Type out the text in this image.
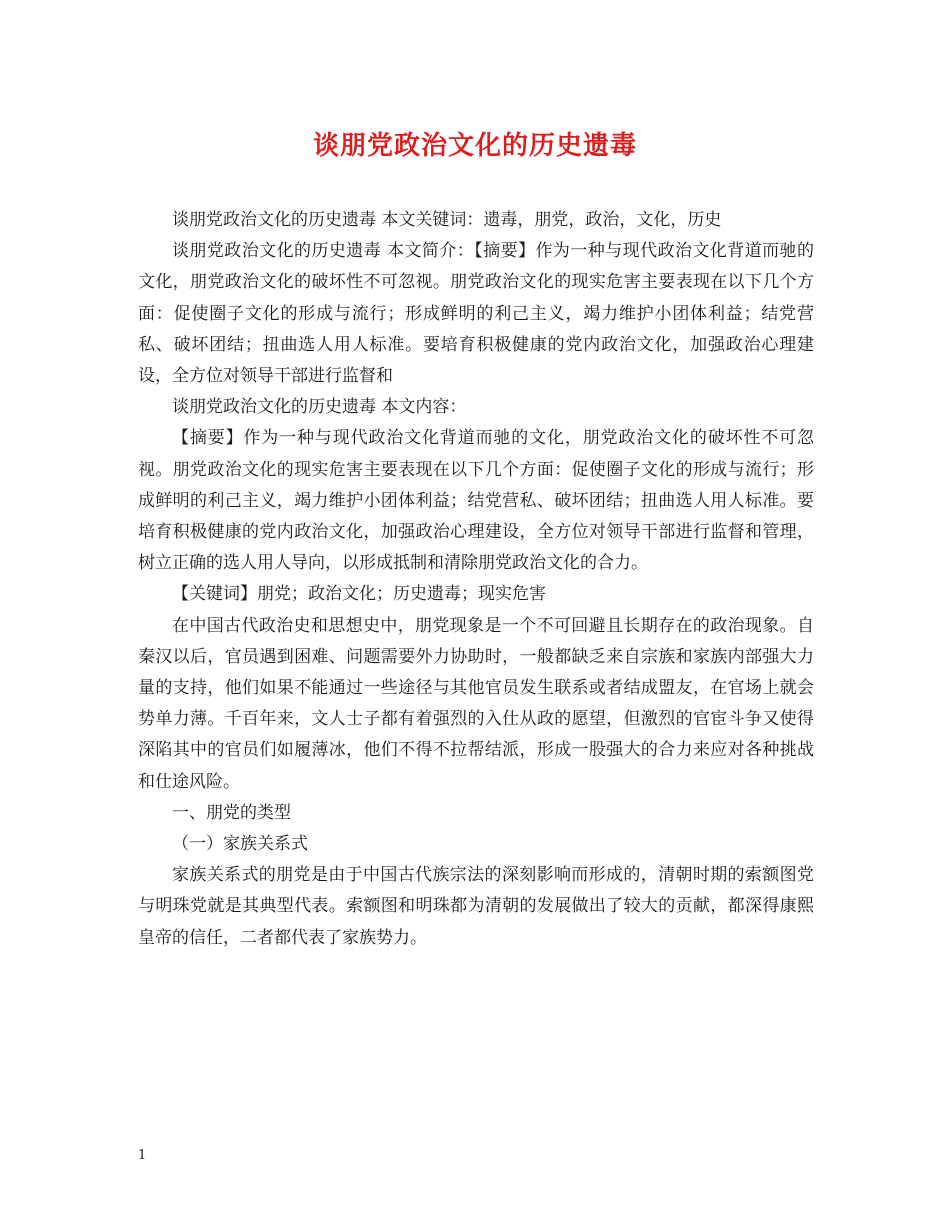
谈朋党政治文化的历史遗毒

谈朋党政治文化的历史遗毒 本文关键词：遗毒，朋党，政治，文化，历史

谈朋党政治文化的历史遗毒 本文简介：【摘要】作为一种与现代政治文化背道而驰的文化，朋党政治文化的破坏性不可忽视。朋党政治文化的现实危害主要表现在以下几个方面：促使圈子文化的形成与流行；形成鲜明的利己主义，竭力维护小团体利益；结党营私、破坏团结；扭曲选人用人标准。要培育积极健康的党内政治文化，加强政治心理建设，全方位对领导干部进行监督和

谈朋党政治文化的历史遗毒 本文内容：

【摘要】作为一种与现代政治文化背道而驰的文化，朋党政治文化的破坏性不可忽视。朋党政治文化的现实危害主要表现在以下几个方面：促使圈子文化的形成与流行；形成鲜明的利己主义，竭力维护小团体利益；结党营私、破坏团结；扭曲选人用人标准。要培育积极健康的党内政治文化，加强政治心理建设，全方位对领导干部进行监督和管理，树立正确的选人用人导向，以形成抵制和清除朋党政治文化的合力。

【关键词】朋党；政治文化；历史遗毒；现实危害

在中国古代政治史和思想史中，朋党现象是一个不可回避且长期存在的政治现象。自秦汉以后，官员遇到困难、问题需要外力协助时，一般都缺乏来自宗族和家族内部强大力量的支持，他们如果不能通过一些途径与其他官员发生联系或者结成盟友，在官场上就会势单力薄。千百年来，文人士子都有着强烈的入仕从政的愿望，但激烈的官宦斗争又使得深陷其中的官员们如履薄冰，他们不得不拉帮结派，形成一股强大的合力来应对各种挑战和仕途风险。

一、朋党的类型

（一）家族关系式

家族关系式的朋党是由于中国古代族宗法的深刻影响而形成的，清朝时期的索额图党与明珠党就是其典型代表。索额图和明珠都为清朝的发展做出了较大的贡献，都深得康熙皇帝的信任，二者都代表了家族势力。

1
